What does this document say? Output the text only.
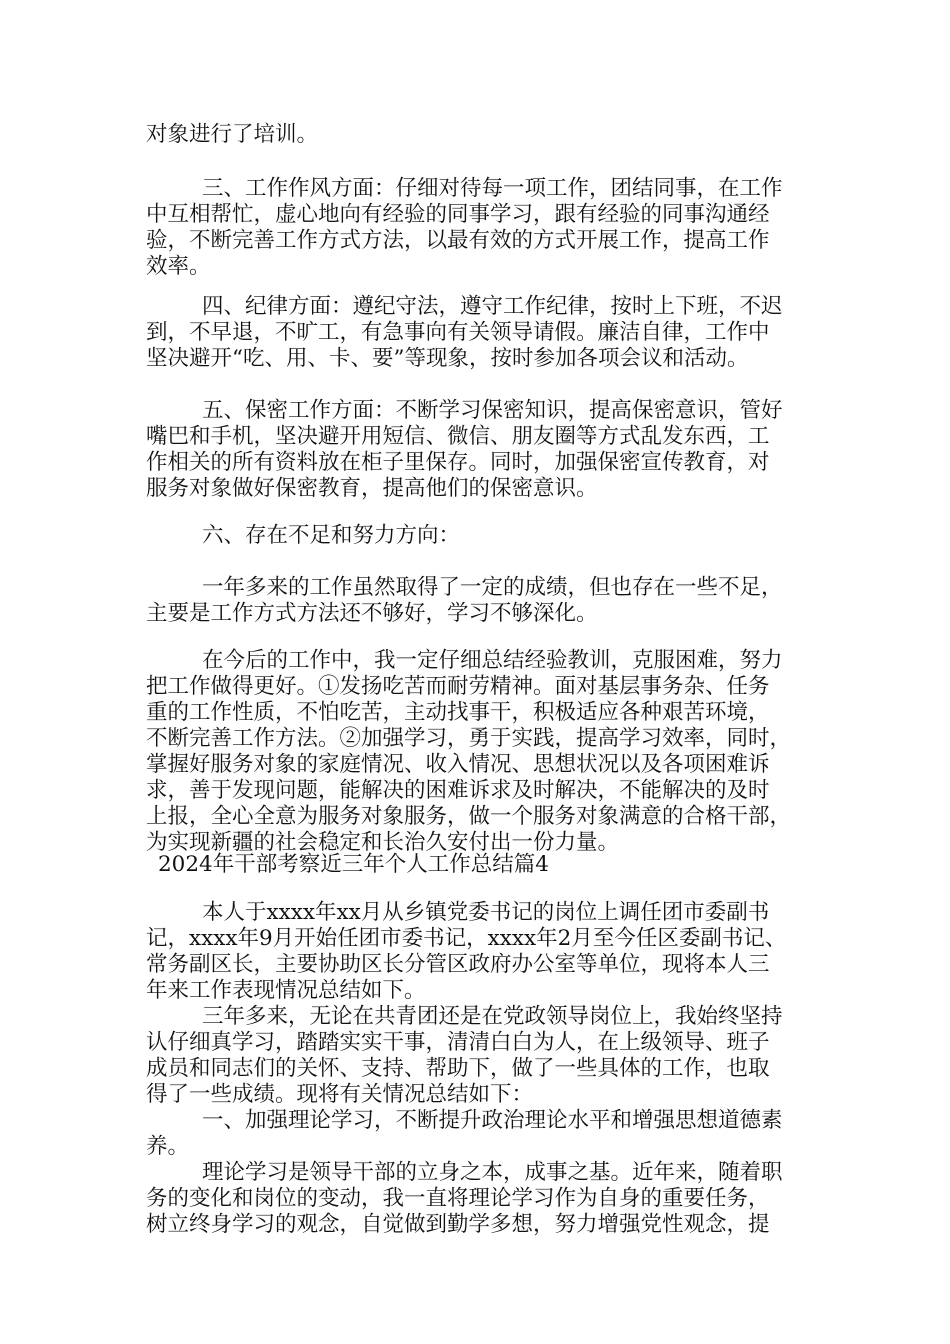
对象进行了培训。
三、工作作风方面：仔细对待每一项工作，团结同事，在工作
中互相帮忙，虚心地向有经验的同事学习，跟有经验的同事沟通经
验，不断完善工作方式方法，以最有效的方式开展工作，提高工作
效率。
四、纪律方面：遵纪守法，遵守工作纪律，按时上下班，不迟
到，不早退，不旷工，有急事向有关领导请假。廉洁自律，工作中
坚决避开“吃、用、卡、要”等现象，按时参加各项会议和活动。
五、保密工作方面：不断学习保密知识，提高保密意识，管好
嘴巴和手机，坚决避开用短信、微信、朋友圈等方式乱发东西，工
作相关的所有资料放在柜子里保存。同时，加强保密宣传教育，对
服务对象做好保密教育，提高他们的保密意识。
六、存在不足和努力方向：
一年多来的工作虽然取得了一定的成绩，但也存在一些不足，
主要是工作方式方法还不够好，学习不够深化。
在今后的工作中，我一定仔细总结经验教训，克服困难，努力
把工作做得更好。①发扬吃苦而耐劳精神。面对基层事务杂、任务
重的工作性质，不怕吃苦，主动找事干，积极适应各种艰苦环境，
不断完善工作方法。②加强学习，勇于实践，提高学习效率，同时，
掌握好服务对象的家庭情况、收入情况、思想状况以及各项困难诉
求，善于发现问题，能解决的困难诉求及时解决，不能解决的及时
上报，全心全意为服务对象服务，做一个服务对象满意的合格干部，
为实现新疆的社会稳定和长治久安付出一份力量。
2024年干部考察近三年个人工作总结篇4
本人于xxxx年xx月从乡镇党委书记的岗位上调任团市委副书
记，xxxx年9月开始任团市委书记，xxxx年2月至今任区委副书记、
常务副区长，主要协助区长分管区政府办公室等单位，现将本人三
年来工作表现情况总结如下。
三年多来，无论在共青团还是在党政领导岗位上，我始终坚持
认仔细真学习，踏踏实实干事，清清白白为人，在上级领导、班子
成员和同志们的关怀、支持、帮助下，做了一些具体的工作，也取
得了一些成绩。现将有关情况总结如下：
一、加强理论学习，不断提升政治理论水平和增强思想道德素
养。
理论学习是领导干部的立身之本，成事之基。近年来，随着职
务的变化和岗位的变动，我一直将理论学习作为自身的重要任务，
树立终身学习的观念，自觉做到勤学多想，努力增强党性观念，提
